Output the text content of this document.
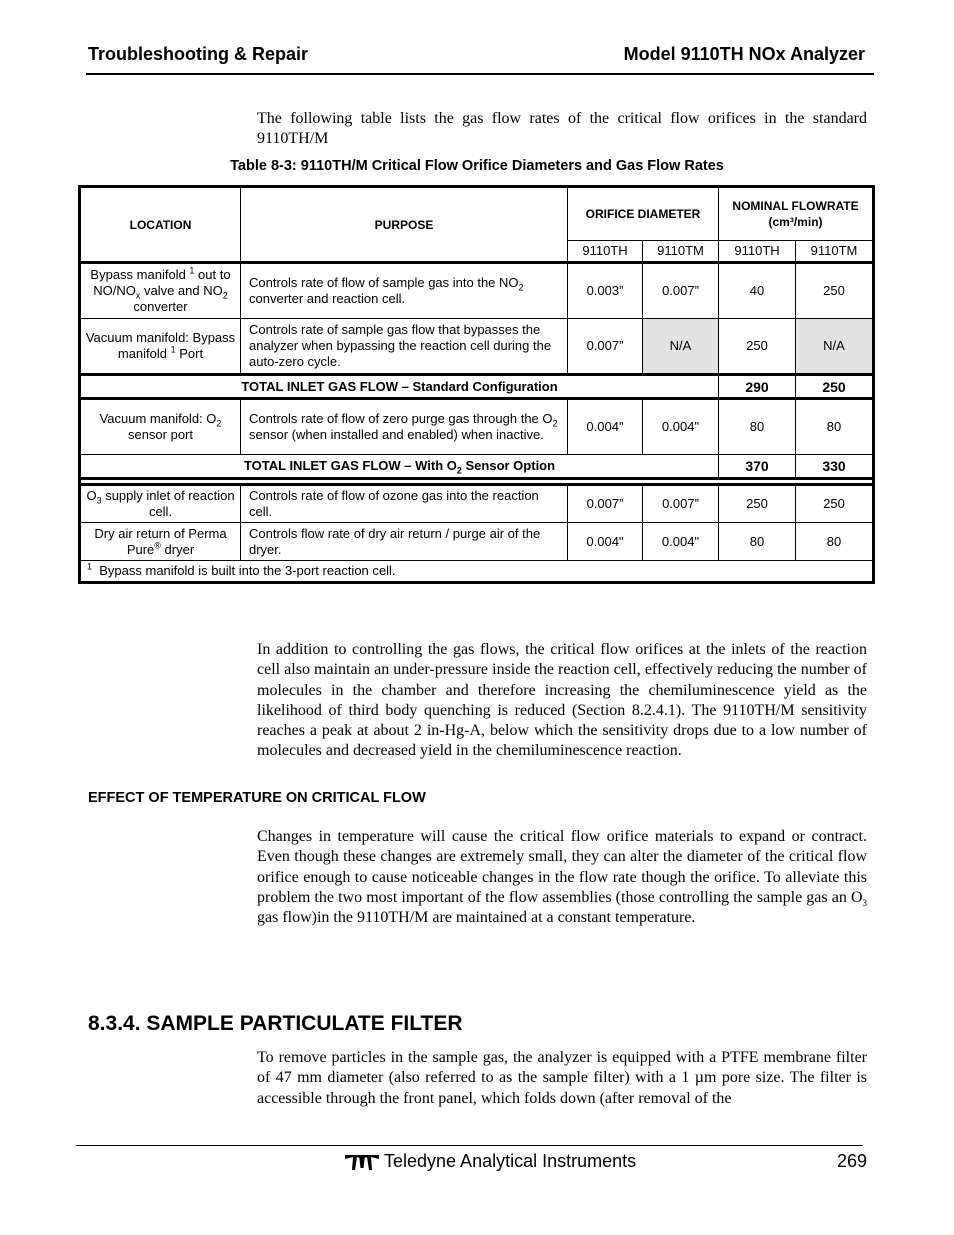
Troubleshooting & Repair	Model 9110TH NOx Analyzer
The following table lists the gas flow rates of the critical flow orifices in the standard 9110TH/M
Table 8-3: 9110TH/M Critical Flow Orifice Diameters and Gas Flow Rates
LOCATION	PURPOSE	ORIFICE DIAMETER		NOMINAL FLOWRATE
(cm³/min)	
		9110TH	9110TM	9110TH	9110TM
Bypass manifold $^1$ out to $NO/NO_x$ valve and $NO_2$ converter	Controls rate of flow of sample gas into the $NO_2$ converter and reaction cell.	0.003”	0.007”	40	250
Vacuum manifold: Bypass manifold $^1$ Port	Controls rate of sample gas flow that bypasses the analyzer when bypassing the reaction cell during the auto-zero cycle.	0.007”	N/A	250	N/A
TOTAL INLET GAS FLOW – Standard Configuration				290	250
Vacuum manifold: $O_2$ sensor port	Controls rate of flow of zero purge gas through the $O_2$ sensor (when installed and enabled) when inactive.	0.004"	0.004"	80	80
TOTAL INLET GAS FLOW – With $O_2$ Sensor Option				370	330

$O_3$ supply inlet of reaction cell.	Controls rate of flow of ozone gas into the reaction cell.	0.007”	0.007”	250	250
Dry air return of Perma Pure® dryer	Controls flow rate of dry air return / purge air of the dryer.	0.004"	0.004"	80	80
$^1$ Bypass manifold is built into the 3-port reaction cell.					
In addition to controlling the gas flows, the critical flow orifices at the inlets of the reaction cell also maintain an under-pressure inside the reaction cell, effectively reducing the number of molecules in the chamber and therefore increasing the chemiluminescence yield as the likelihood of third body quenching is reduced (Section 8.2.4.1). The 9110TH/M sensitivity reaches a peak at about 2 in-Hg-A, below which the sensitivity drops due to a low number of molecules and decreased yield in the chemiluminescence reaction.
EFFECT OF TEMPERATURE ON CRITICAL FLOW
Changes in temperature will cause the critical flow orifice materials to expand or contract. Even though these changes are extremely small, they can alter the diameter of the critical flow orifice enough to cause noticeable changes in the flow rate though the orifice. To alleviate this problem the two most important of the flow assemblies (those controlling the sample gas an $O_3$ gas flow)in the 9110TH/M are maintained at a constant temperature.
8.3.4. SAMPLE PARTICULATE FILTER
To remove particles in the sample gas, the analyzer is equipped with a PTFE membrane filter of 47 mm diameter (also referred to as the sample filter) with a 1 µm pore size. The filter is accessible through the front panel, which folds down (after removal of the
Teledyne Analytical Instruments	269
